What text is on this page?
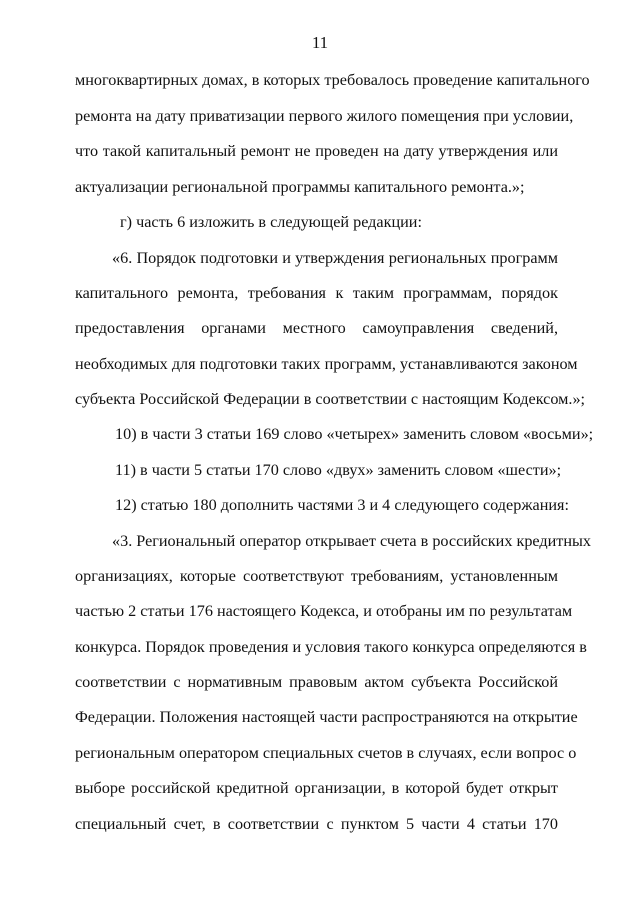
11
многоквартирных домах, в которых требовалось проведение капитального
ремонта на дату приватизации первого жилого помещения при условии,
что такой капитальный ремонт не проведен на дату утверждения или
актуализации региональной программы капитального ремонта.»;
г) часть 6 изложить в следующей редакции:
«6. Порядок подготовки и утверждения региональных программ
капитального ремонта, требования к таким программам, порядок
предоставления органами местного самоуправления сведений,
необходимых для подготовки таких программ, устанавливаются законом
субъекта Российской Федерации в соответствии с настоящим Кодексом.»;
10) в части 3 статьи 169 слово «четырех» заменить словом «восьми»;
11) в части 5 статьи 170 слово «двух» заменить словом «шести»;
12) статью 180 дополнить частями 3 и 4 следующего содержания:
«3. Региональный оператор открывает счета в российских кредитных
организациях, которые соответствуют требованиям, установленным
частью 2 статьи 176 настоящего Кодекса, и отобраны им по результатам
конкурса. Порядок проведения и условия такого конкурса определяются в
соответствии с нормативным правовым актом субъекта Российской
Федерации. Положения настоящей части распространяются на открытие
региональным оператором специальных счетов в случаях, если вопрос о
выборе российской кредитной организации, в которой будет открыт
специальный счет, в соответствии с пунктом 5 части 4 статьи 170
